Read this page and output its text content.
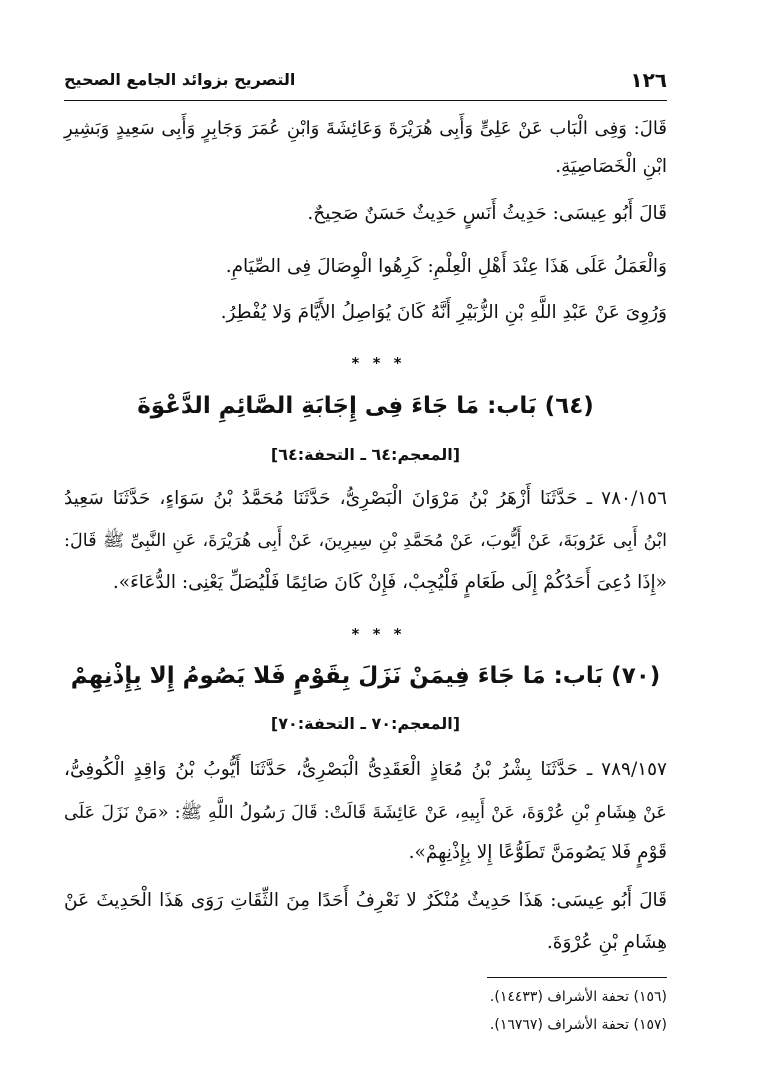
١٢٦
التصريح بزوائد الجامع الصحيح
قَالَ: وَفِى الْبَاب عَنْ عَلِىٍّ وَأَبِى هُرَيْرَةَ وَعَائِشَةَ وَابْنِ عُمَرَ وَجَابِرٍ وَأَبِى سَعِيدٍ وَبَشِيرِ
ابْنِ الْخَصَاصِيَةِ.
قَالَ أَبُو عِيسَى: حَدِيثُ أَنَسٍ حَدِيثٌ حَسَنٌ صَحِيحٌ.
وَالْعَمَلُ عَلَى هَذَا عِنْدَ أَهْلِ الْعِلْمِ: كَرِهُوا الْوِصَالَ فِى الصِّيَامِ.
وَرُوِىَ عَنْ عَبْدِ اللَّهِ بْنِ الزُّبَيْرِ أَنَّهُ كَانَ يُوَاصِلُ الأَيَّامَ وَلا يُفْطِرُ.
* * *
(٦٤) بَاب: مَا جَاءَ فِى إِجَابَةِ الصَّائِمِ الدَّعْوَةَ
[المعجم:٦٤ ـ التحفة:٦٤]
٧٨٠/١٥٦ ـ حَدَّثَنَا أَزْهَرُ بْنُ مَرْوَانَ الْبَصْرِىُّ، حَدَّثَنَا مُحَمَّدُ بْنُ سَوَاءٍ، حَدَّثَنَا سَعِيدُ
ابْنُ أَبِى عَرُوبَةَ، عَنْ أَيُّوبَ، عَنْ مُحَمَّدِ بْنِ سِيرِينَ، عَنْ أَبِى هُرَيْرَةَ، عَنِ النَّبِىِّ ﷺ قَالَ:
«إِذَا دُعِىَ أَحَدُكُمْ إِلَى طَعَامٍ فَلْيُجِبْ، فَإِنْ كَانَ صَائِمًا فَلْيُصَلِّ يَعْنِى: الدُّعَاءَ».
* * *
(٧٠) بَاب: مَا جَاءَ فِيمَنْ نَزَلَ بِقَوْمٍ فَلا يَصُومُ إِلا بِإِذْنِهِمْ
[المعجم:٧٠ ـ التحفة:٧٠]
٧٨٩/١٥٧ ـ حَدَّثَنَا بِشْرُ بْنُ مُعَاذٍ الْعَقَدِىُّ الْبَصْرِىُّ، حَدَّثَنَا أَيُّوبُ بْنُ وَاقِدٍ الْكُوفِىُّ،
عَنْ هِشَامِ بْنِ عُرْوَةَ، عَنْ أَبِيهِ، عَنْ عَائِشَةَ قَالَتْ: قَالَ رَسُولُ اللَّهِ ﷺ: «مَنْ نَزَلَ عَلَى
قَوْمٍ فَلا يَصُومَنَّ تَطَوُّعًا إِلا بِإِذْنِهِمْ».
قَالَ أَبُو عِيسَى: هَذَا حَدِيثٌ مُنْكَرٌ لا نَعْرِفُ أَحَدًا مِنَ الثِّقَاتِ رَوَى هَذَا الْحَدِيثَ عَنْ
هِشَامِ بْنِ عُرْوَةَ.
(١٥٦) تحفة الأشراف (١٤٤٣٣).
(١٥٧) تحفة الأشراف (١٦٧٦٧).
